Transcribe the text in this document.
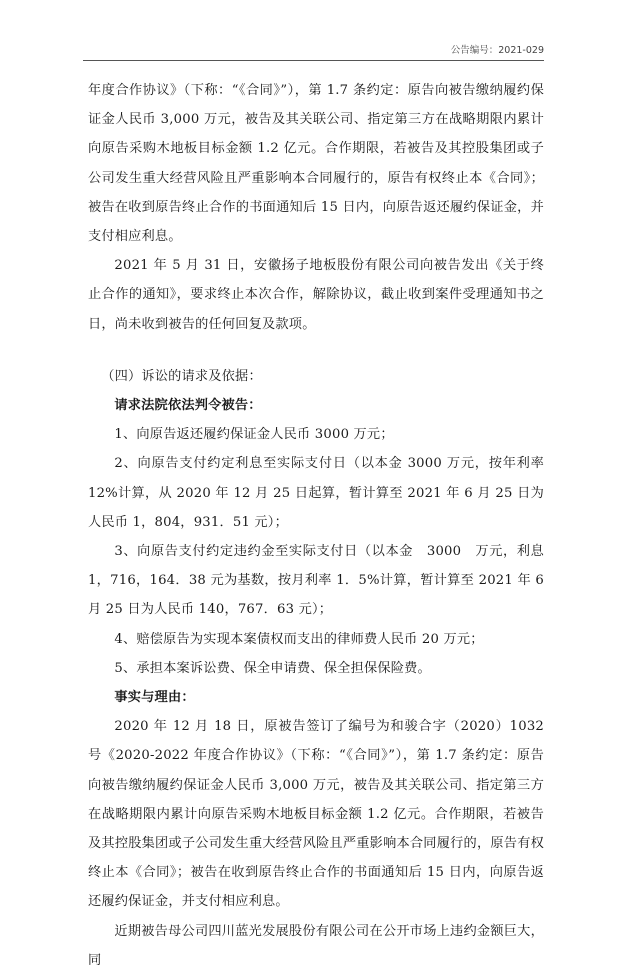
公告编号：2021-029

年度合作协议》（下称：“《合同》”），第 1.7 条约定：原告向被告缴纳履约保证金人民币 3,000 万元，被告及其关联公司、指定第三方在战略期限内累计向原告采购木地板目标金额 1.2 亿元。合作期限，若被告及其控股集团或子公司发生重大经营风险且严重影响本合同履行的，原告有权终止本《合同》；被告在收到原告终止合作的书面通知后 15 日内，向原告返还履约保证金，并支付相应利息。

2021 年 5 月 31 日，安徽扬子地板股份有限公司向被告发出《关于终止合作的通知》，要求终止本次合作，解除协议，截止收到案件受理通知书之日，尚未收到被告的任何回复及款项。

（四）诉讼的请求及依据：

请求法院依法判令被告：

1、向原告返还履约保证金人民币 3000 万元；

2、向原告支付约定利息至实际支付日（以本金 3000 万元，按年利率 12%计算，从 2020 年 12 月 25 日起算，暂计算至 2021 年 6 月 25 日为人民币 1，804，931．51 元）；

3、向原告支付约定违约金至实际支付日（以本金　3000　万元，利息 1，716，164．38 元为基数，按月利率 1．5%计算，暂计算至 2021 年 6 月 25 日为人民币 140，767．63 元）；

4、赔偿原告为实现本案债权而支出的律师费人民币 20 万元；

5、承担本案诉讼费、保全申请费、保全担保保险费。

事实与理由：

2020 年 12 月 18 日，原被告签订了编号为和骏合字（2020）1032 号《2020-2022 年度合作协议》（下称：“《合同》”），第 1.7 条约定：原告向被告缴纳履约保证金人民币 3,000 万元，被告及其关联公司、指定第三方在战略期限内累计向原告采购木地板目标金额 1.2 亿元。合作期限，若被告及其控股集团或子公司发生重大经营风险且严重影响本合同履行的，原告有权终止本《合同》；被告在收到原告终止合作的书面通知后 15 日内，向原告返还履约保证金，并支付相应利息。

近期被告母公司四川蓝光发展股份有限公司在公开市场上违约金额巨大，同
